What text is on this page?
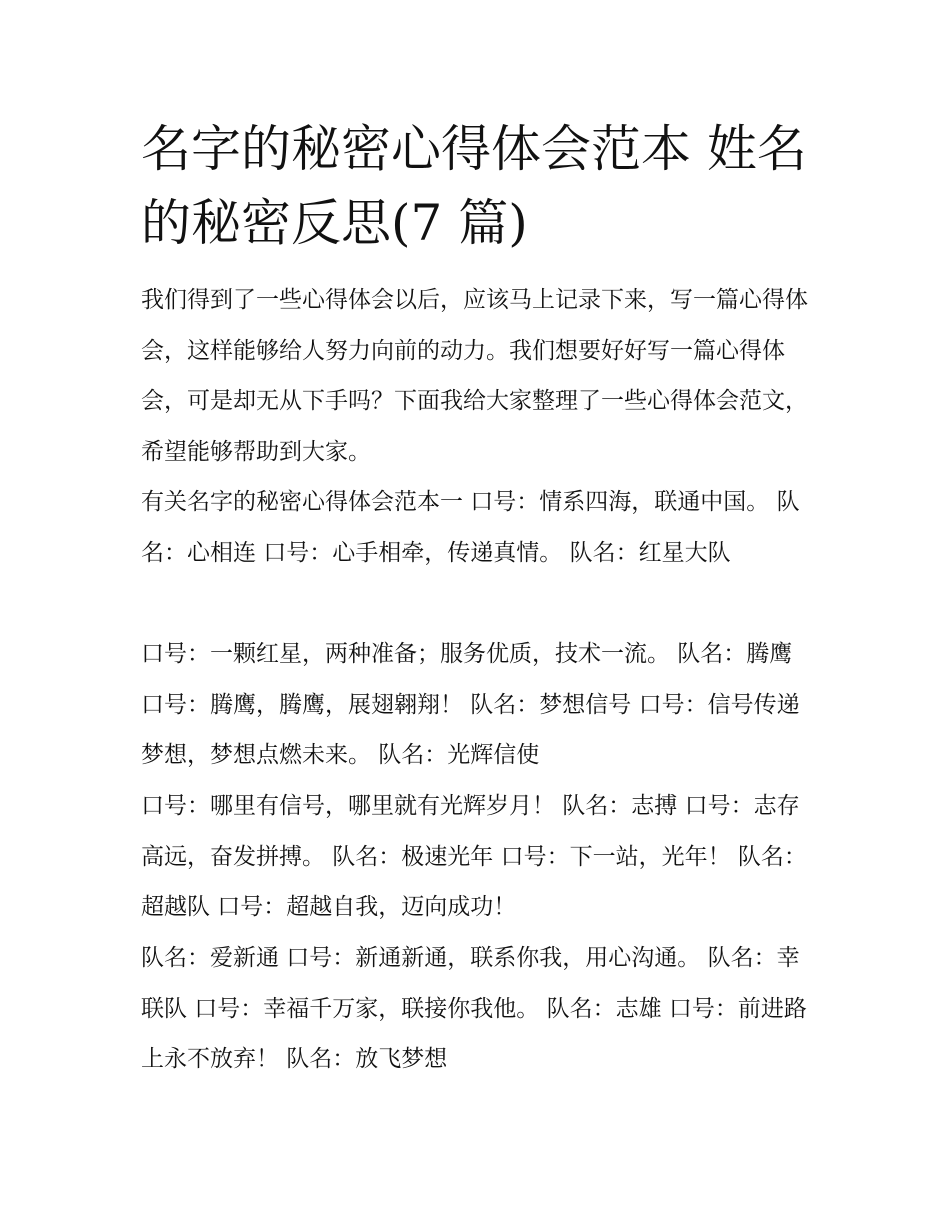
名字的秘密心得体会范本 姓名的秘密反思(7 篇)

我们得到了一些心得体会以后，应该马上记录下来，写一篇心得体会，这样能够给人努力向前的动力。我们想要好好写一篇心得体会，可是却无从下手吗？下面我给大家整理了一些心得体会范文，希望能够帮助到大家。

有关名字的秘密心得体会范本一 口号：情系四海，联通中国。 队名：心相连 口号：心手相牵，传递真情。 队名：红星大队

口号：一颗红星，两种准备；服务优质，技术一流。 队名：腾鹰 口号：腾鹰，腾鹰，展翅翱翔！ 队名：梦想信号 口号：信号传递梦想，梦想点燃未来。 队名：光辉信使

口号：哪里有信号，哪里就有光辉岁月！ 队名：志搏 口号：志存高远，奋发拼搏。 队名：极速光年 口号：下一站，光年！ 队名：超越队 口号：超越自我，迈向成功！

队名：爱新通 口号：新通新通，联系你我，用心沟通。 队名：幸联队 口号：幸福千万家，联接你我他。 队名：志雄 口号：前进路上永不放弃！ 队名：放飞梦想
